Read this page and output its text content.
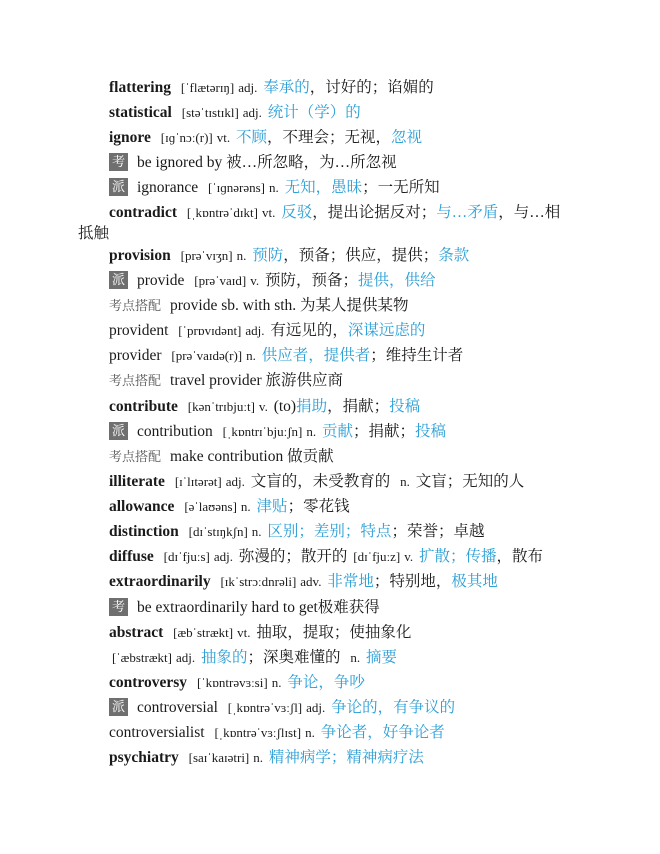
flattering [ˈflætərɪŋ] adj. 奉承的，讨好的；谄媚的
statistical [stəˈtɪstɪkl] adj. 统计（学）的
ignore [ɪɡˈnɔː(r)] vt. 不顾，不理会；无视，忽视
考 be ignored by 被…所忽略，为…所忽视
派 ignorance [ˈɪɡnərəns] n. 无知，愚昧；一无所知
contradict [ˌkɒntrəˈdɪkt] vt. 反驳，提出论据反对；与…矛盾，与…相
抵触
provision [prəˈvɪʒn] n. 预防，预备；供应，提供；条款
派 provide [prəˈvaɪd] v. 预防，预备；提供，供给
考点搭配 provide sb. with sth. 为某人提供某物
provident [ˈprɒvɪdənt] adj. 有远见的，深谋远虑的
provider [prəˈvaɪdə(r)] n. 供应者，提供者；维持生计者
考点搭配 travel provider 旅游供应商
contribute [kənˈtrɪbjuːt] v. (to)捐助，捐献；投稿
派 contribution [ˌkɒntrɪˈbjuːʃn] n. 贡献；捐献；投稿
考点搭配 make contribution 做贡献
illiterate [ɪˈlɪtərət] adj. 文盲的，未受教育的 n. 文盲；无知的人
allowance [əˈlaʊəns] n. 津贴；零花钱
distinction [dɪˈstɪŋkʃn] n. 区别；差别；特点；荣誉；卓越
diffuse [dɪˈfjuːs] adj. 弥漫的；散开的 [dɪˈfjuːz] v. 扩散；传播，散布
extraordinarily [ɪkˈstrɔːdnrəli] adv. 非常地；特别地，极其地
考 be extraordinarily hard to get极难获得
abstract [æbˈstrækt] vt. 抽取，提取；使抽象化
[ˈæbstrækt] adj. 抽象的；深奥难懂的 n. 摘要
controversy [ˈkɒntrəvɜːsi] n. 争论，争吵
派 controversial [ˌkɒntrəˈvɜːʃl] adj. 争论的，有争议的
controversialist [ˌkɒntrəˈvɜːʃlɪst] n. 争论者，好争论者
psychiatry [saɪˈkaɪətri] n. 精神病学；精神病疗法
